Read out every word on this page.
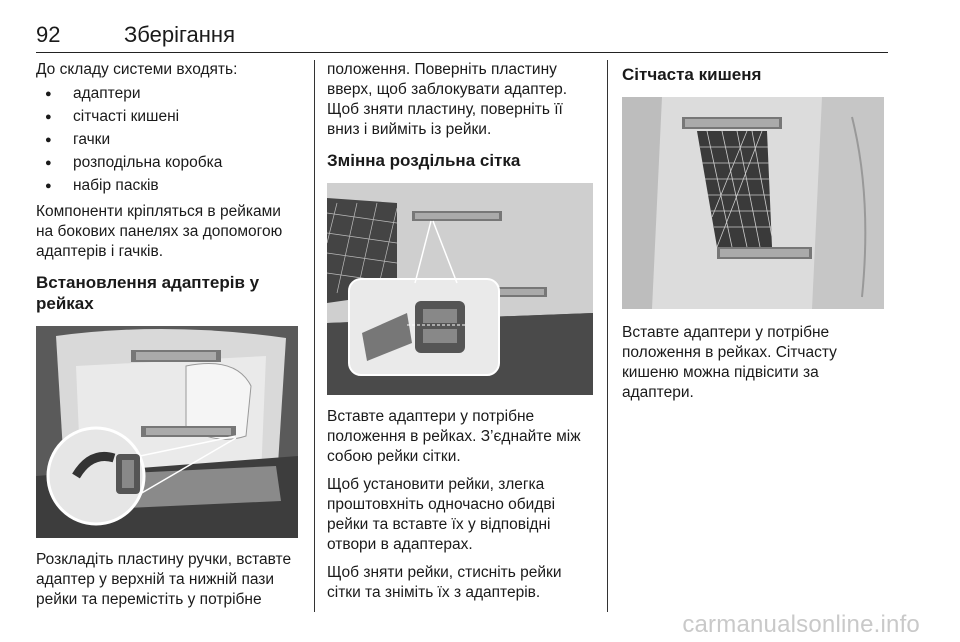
92	Зберігання

До складу системи входять:

● адаптери
● сітчасті кишені
● гачки
● розподільна коробка
● набір пасків

Компоненти кріпляться в рейками на бокових панелях за допомогою адаптерів і гачків.

Встановлення адаптерів у рейках

Розкладіть пластину ручки, вставте адаптер у верхній та нижній пази рейки та перемістіть у потрібне

положення. Поверніть пластину вверх, щоб заблокувати адаптер. Щоб зняти пластину, поверніть її вниз і вийміть із рейки.

Змінна роздільна сітка

Вставте адаптери у потрібне положення в рейках. З’єднайте між собою рейки сітки.

Щоб установити рейки, злегка проштовхніть одночасно обидві рейки та вставте їх у відповідні отвори в адаптерах.

Щоб зняти рейки, стисніть рейки сітки та зніміть їх з адаптерів.

Сітчаста кишеня

Вставте адаптери у потрібне положення в рейках. Сітчасту кишеню можна підвісити за адаптери.

carmanualsonline.info
